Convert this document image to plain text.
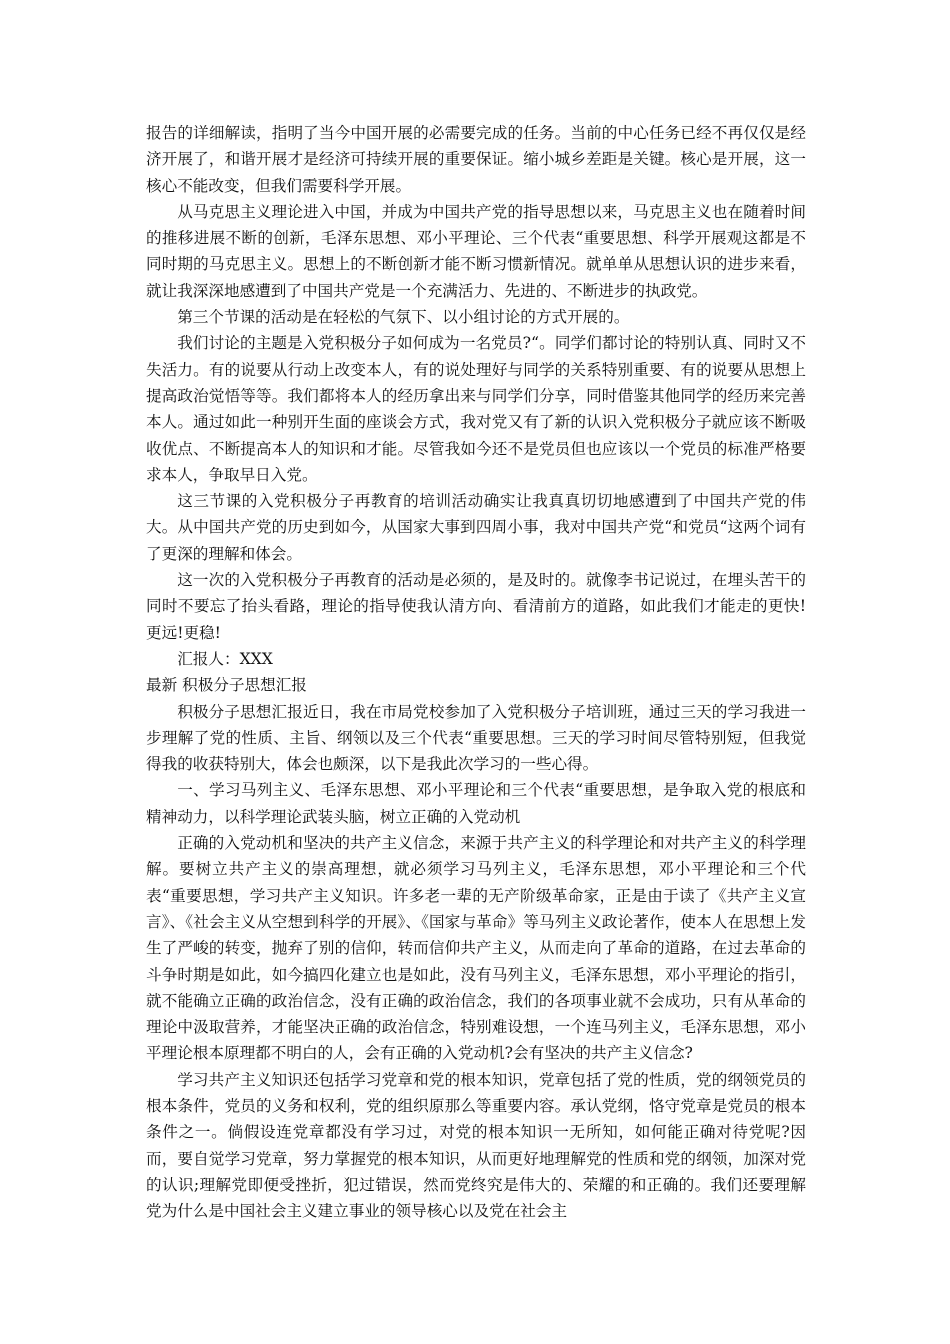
报告的详细解读，指明了当今中国开展的必需要完成的任务。当前的中心任务已经不再仅仅是经济开展了，和谐开展才是经济可持续开展的重要保证。缩小城乡差距是关键。核心是开展，这一核心不能改变，但我们需要科学开展。

从马克思主义理论进入中国，并成为中国共产党的指导思想以来，马克思主义也在随着时间的推移进展不断的创新，毛泽东思想、邓小平理论、三个代表“重要思想、科学开展观这都是不同时期的马克思主义。思想上的不断创新才能不断习惯新情况。就单单从思想认识的进步来看，就让我深深地感遭到了中国共产党是一个充满活力、先进的、不断进步的执政党。

第三个节课的活动是在轻松的气氛下、以小组讨论的方式开展的。

我们讨论的主题是入党积极分子如何成为一名党员?“。同学们都讨论的特别认真、同时又不失活力。有的说要从行动上改变本人，有的说处理好与同学的关系特别重要、有的说要从思想上提高政治觉悟等等。我们都将本人的经历拿出来与同学们分享，同时借鉴其他同学的经历来完善本人。通过如此一种别开生面的座谈会方式，我对党又有了新的认识入党积极分子就应该不断吸收优点、不断提高本人的知识和才能。尽管我如今还不是党员但也应该以一个党员的标准严格要求本人，争取早日入党。

这三节课的入党积极分子再教育的培训活动确实让我真真切切地感遭到了中国共产党的伟大。从中国共产党的历史到如今，从国家大事到四周小事，我对中国共产党“和党员“这两个词有了更深的理解和体会。

这一次的入党积极分子再教育的活动是必须的，是及时的。就像李书记说过，在埋头苦干的同时不要忘了抬头看路，理论的指导使我认清方向、看清前方的道路，如此我们才能走的更快!更远!更稳!

汇报人：XXX

最新 积极分子思想汇报

积极分子思想汇报近日，我在市局党校参加了入党积极分子培训班，通过三天的学习我进一步理解了党的性质、主旨、纲领以及三个代表“重要思想。三天的学习时间尽管特别短，但我觉得我的收获特别大，体会也颇深，以下是我此次学习的一些心得。

一、学习马列主义、毛泽东思想、邓小平理论和三个代表“重要思想，是争取入党的根底和精神动力，以科学理论武装头脑，树立正确的入党动机

正确的入党动机和坚决的共产主义信念，来源于共产主义的科学理论和对共产主义的科学理解。要树立共产主义的崇高理想，就必须学习马列主义，毛泽东思想，邓小平理论和三个代表“重要思想，学习共产主义知识。许多老一辈的无产阶级革命家，正是由于读了《共产主义宣言》、《社会主义从空想到科学的开展》、《国家与革命》等马列主义政论著作，使本人在思想上发生了严峻的转变，抛弃了别的信仰，转而信仰共产主义，从而走向了革命的道路，在过去革命的斗争时期是如此，如今搞四化建立也是如此，没有马列主义，毛泽东思想，邓小平理论的指引，就不能确立正确的政治信念，没有正确的政治信念，我们的各项事业就不会成功，只有从革命的理论中汲取营养，才能坚决正确的政治信念，特别难设想，一个连马列主义，毛泽东思想，邓小平理论根本原理都不明白的人，会有正确的入党动机?会有坚决的共产主义信念?

学习共产主义知识还包括学习党章和党的根本知识，党章包括了党的性质，党的纲领党员的根本条件，党员的义务和权利，党的组织原那么等重要内容。承认党纲，恪守党章是党员的根本条件之一。倘假设连党章都没有学习过，对党的根本知识一无所知，如何能正确对待党呢?因而，要自觉学习党章，努力掌握党的根本知识，从而更好地理解党的性质和党的纲领，加深对党的认识;理解党即便受挫折，犯过错误，然而党终究是伟大的、荣耀的和正确的。我们还要理解党为什么是中国社会主义建立事业的领导核心以及党在社会主
